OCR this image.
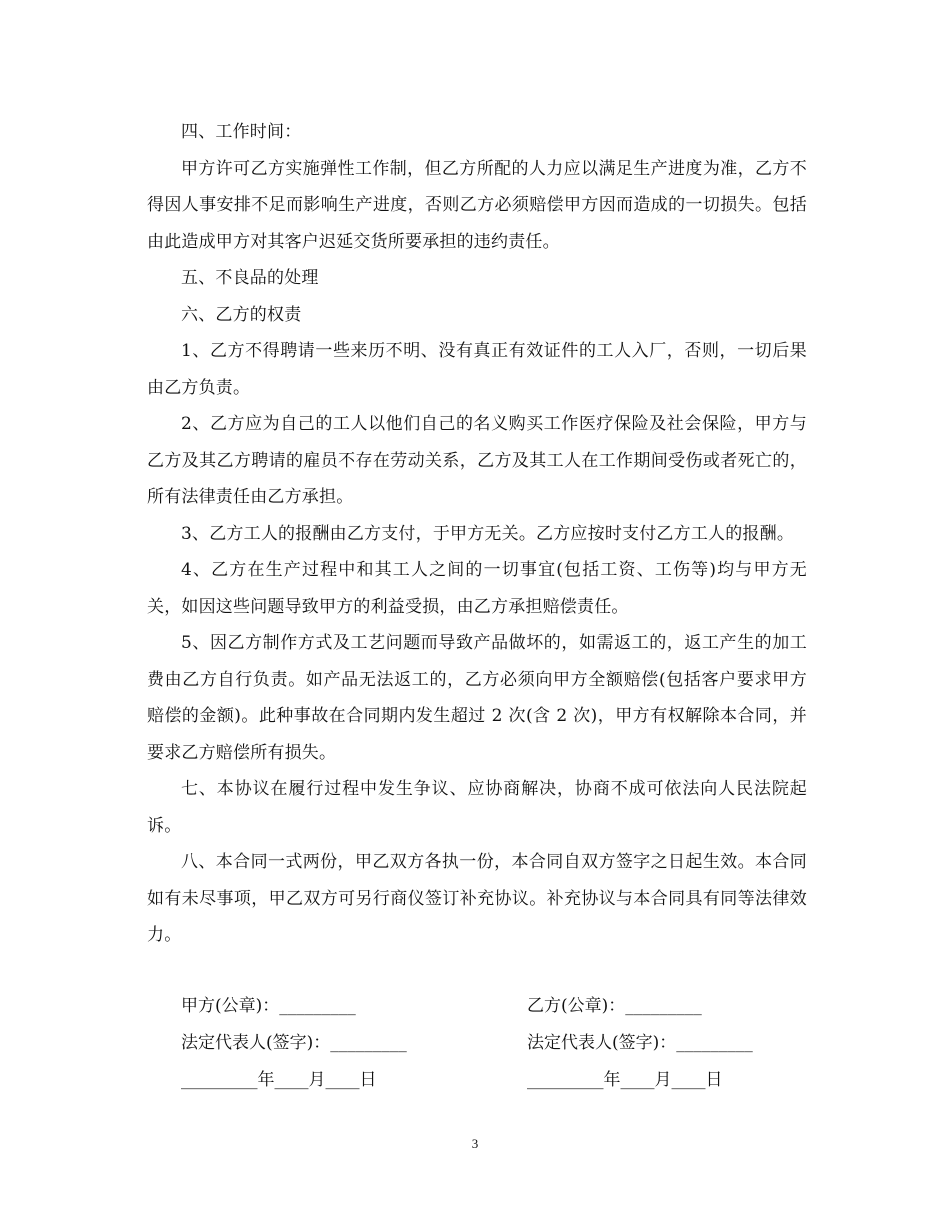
四、工作时间：

甲方许可乙方实施弹性工作制，但乙方所配的人力应以满足生产进度为准，乙方不得因人事安排不足而影响生产进度，否则乙方必须赔偿甲方因而造成的一切损失。包括由此造成甲方对其客户迟延交货所要承担的违约责任。

五、不良品的处理

六、乙方的权责

1、乙方不得聘请一些来历不明、没有真正有效证件的工人入厂，否则，一切后果由乙方负责。

2、乙方应为自己的工人以他们自己的名义购买工作医疗保险及社会保险，甲方与乙方及其乙方聘请的雇员不存在劳动关系，乙方及其工人在工作期间受伤或者死亡的，所有法律责任由乙方承担。

3、乙方工人的报酬由乙方支付，于甲方无关。乙方应按时支付乙方工人的报酬。

4、乙方在生产过程中和其工人之间的一切事宜(包括工资、工伤等)均与甲方无关，如因这些问题导致甲方的利益受损，由乙方承担赔偿责任。

5、因乙方制作方式及工艺问题而导致产品做坏的，如需返工的，返工产生的加工费由乙方自行负责。如产品无法返工的，乙方必须向甲方全额赔偿(包括客户要求甲方赔偿的金额)。此种事故在合同期内发生超过 2 次(含 2 次)，甲方有权解除本合同，并要求乙方赔偿所有损失。

七、本协议在履行过程中发生争议、应协商解决，协商不成可依法向人民法院起诉。

八、本合同一式两份，甲乙双方各执一份，本合同自双方签字之日起生效。本合同如有未尽事项，甲乙双方可另行商仪签订补充协议。补充协议与本合同具有同等法律效力。

甲方(公章)：_________	乙方(公章)：_________
法定代表人(签字)：_________	法定代表人(签字)：_________
_________年____月____日	_________年____月____日
3
